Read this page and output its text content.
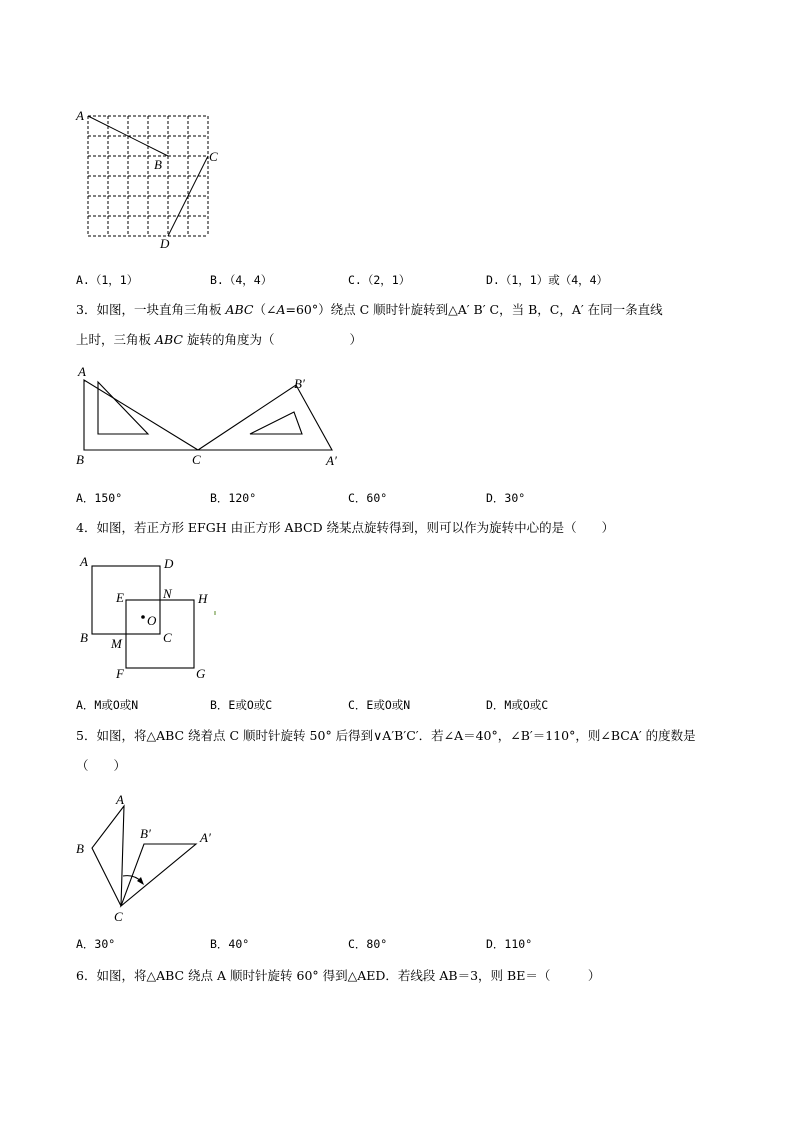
A
B
C
D
A.（1，1）	B.（4，4）	C.（2，1）	D.（1，1）或（4，4）
3．如图，一块直角三角板 ABC（∠A=60°）绕点 C 顺时针旋转到△A′ B′ C，当 B，C，A′ 在同一条直线
上时，三角板 ABC 旋转的角度为（　　　　　　）
A
B	C
B′
A′
A．150°	B．120°	C．60°	D．30°
4．如图，若正方形 EFGH 由正方形 ABCD 绕某点旋转得到，则可以作为旋转中心的是（　　）
A	D
E	N H
O
B M	C
F	G
A．M或O或N	B．E或O或C	C．E或O或N	D．M或O或C
5．如图，将△ABC 绕着点 C 顺时针旋转 50° 后得到∨A′B′C′．若∠A＝40°，∠B′＝110°，则∠BCA′ 的度数是
（　　）
A
B
B′	A′
C
A．30°	B．40°	C．80°	D．110°
6．如图，将△ABC 绕点 A 顺时针旋转 60° 得到△AED．若线段 AB＝3，则 BE＝（　　　）
